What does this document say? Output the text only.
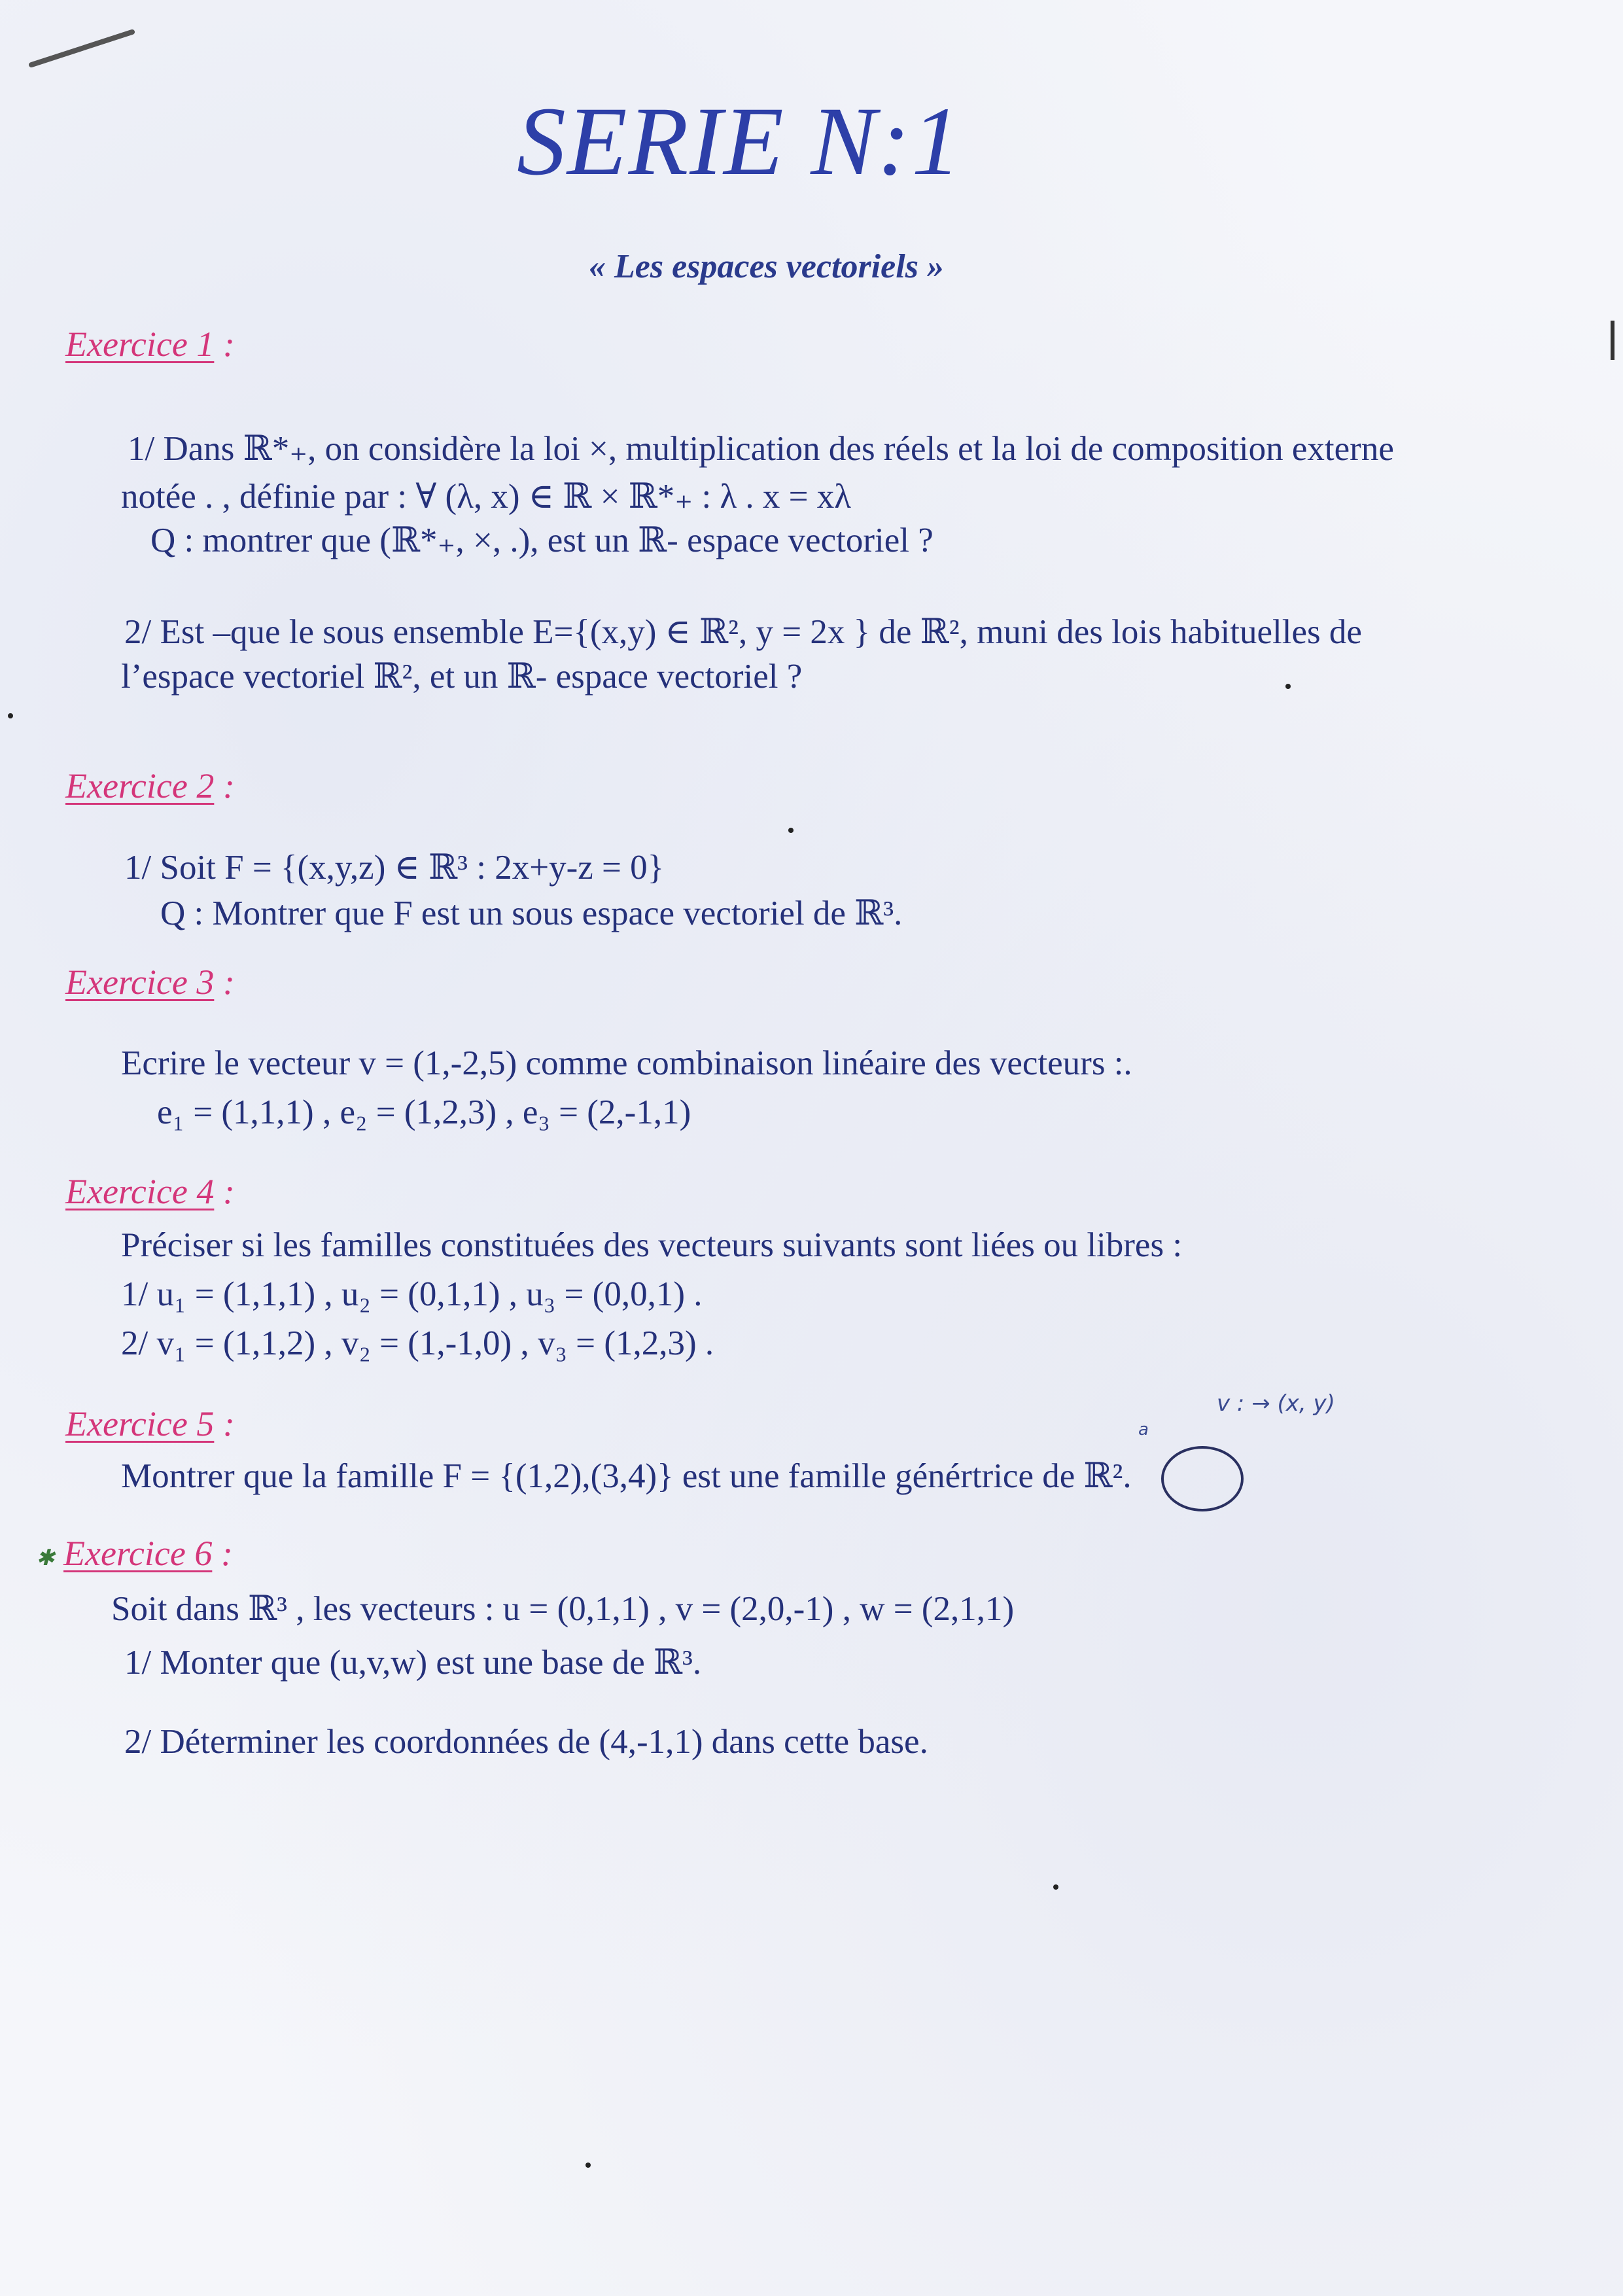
SERIE N:1
« Les espaces vectoriels »
Exercice 1 :
1/ Dans ℝ*₊, on considère la loi ×, multiplication des réels et la loi de composition externe
notée . , définie par : ∀ (λ, x) ∈ ℝ × ℝ*₊ : λ . x = xλ
Q : montrer que (ℝ*₊, ×, .), est un ℝ- espace vectoriel ?
2/ Est –que le sous ensemble E={(x,y) ∈ ℝ², y = 2x } de ℝ², muni des lois habituelles de
l’espace vectoriel ℝ², et un ℝ- espace vectoriel ?
Exercice 2 :
1/ Soit F = {(x,y,z) ∈ ℝ³ : 2x+y-z = 0}
Q : Montrer que F est un sous espace vectoriel de ℝ³.
Exercice 3 :
Ecrire le vecteur v = (1,-2,5) comme combinaison linéaire des vecteurs :.
e₁ = (1,1,1) , e₂ = (1,2,3) , e₃ = (2,-1,1)
Exercice 4 :
Préciser si les familles constituées des vecteurs suivants sont liées ou libres :
1/ u₁ = (1,1,1) , u₂ = (0,1,1) , u₃ = (0,0,1) .
2/ v₁ = (1,1,2) , v₂ = (1,-1,0) , v₃ = (1,2,3) .
Exercice 5 :
Montrer que la famille F = {(1,2),(3,4)} est une famille génértrice de ℝ².
v : → (x, y)
a
✱ Exercice 6 :
Soit dans ℝ³ , les vecteurs : u = (0,1,1) , v = (2,0,-1) , w = (2,1,1)
1/ Monter que (u,v,w) est une base de ℝ³.
2/ Déterminer les coordonnées de (4,-1,1) dans cette base.
